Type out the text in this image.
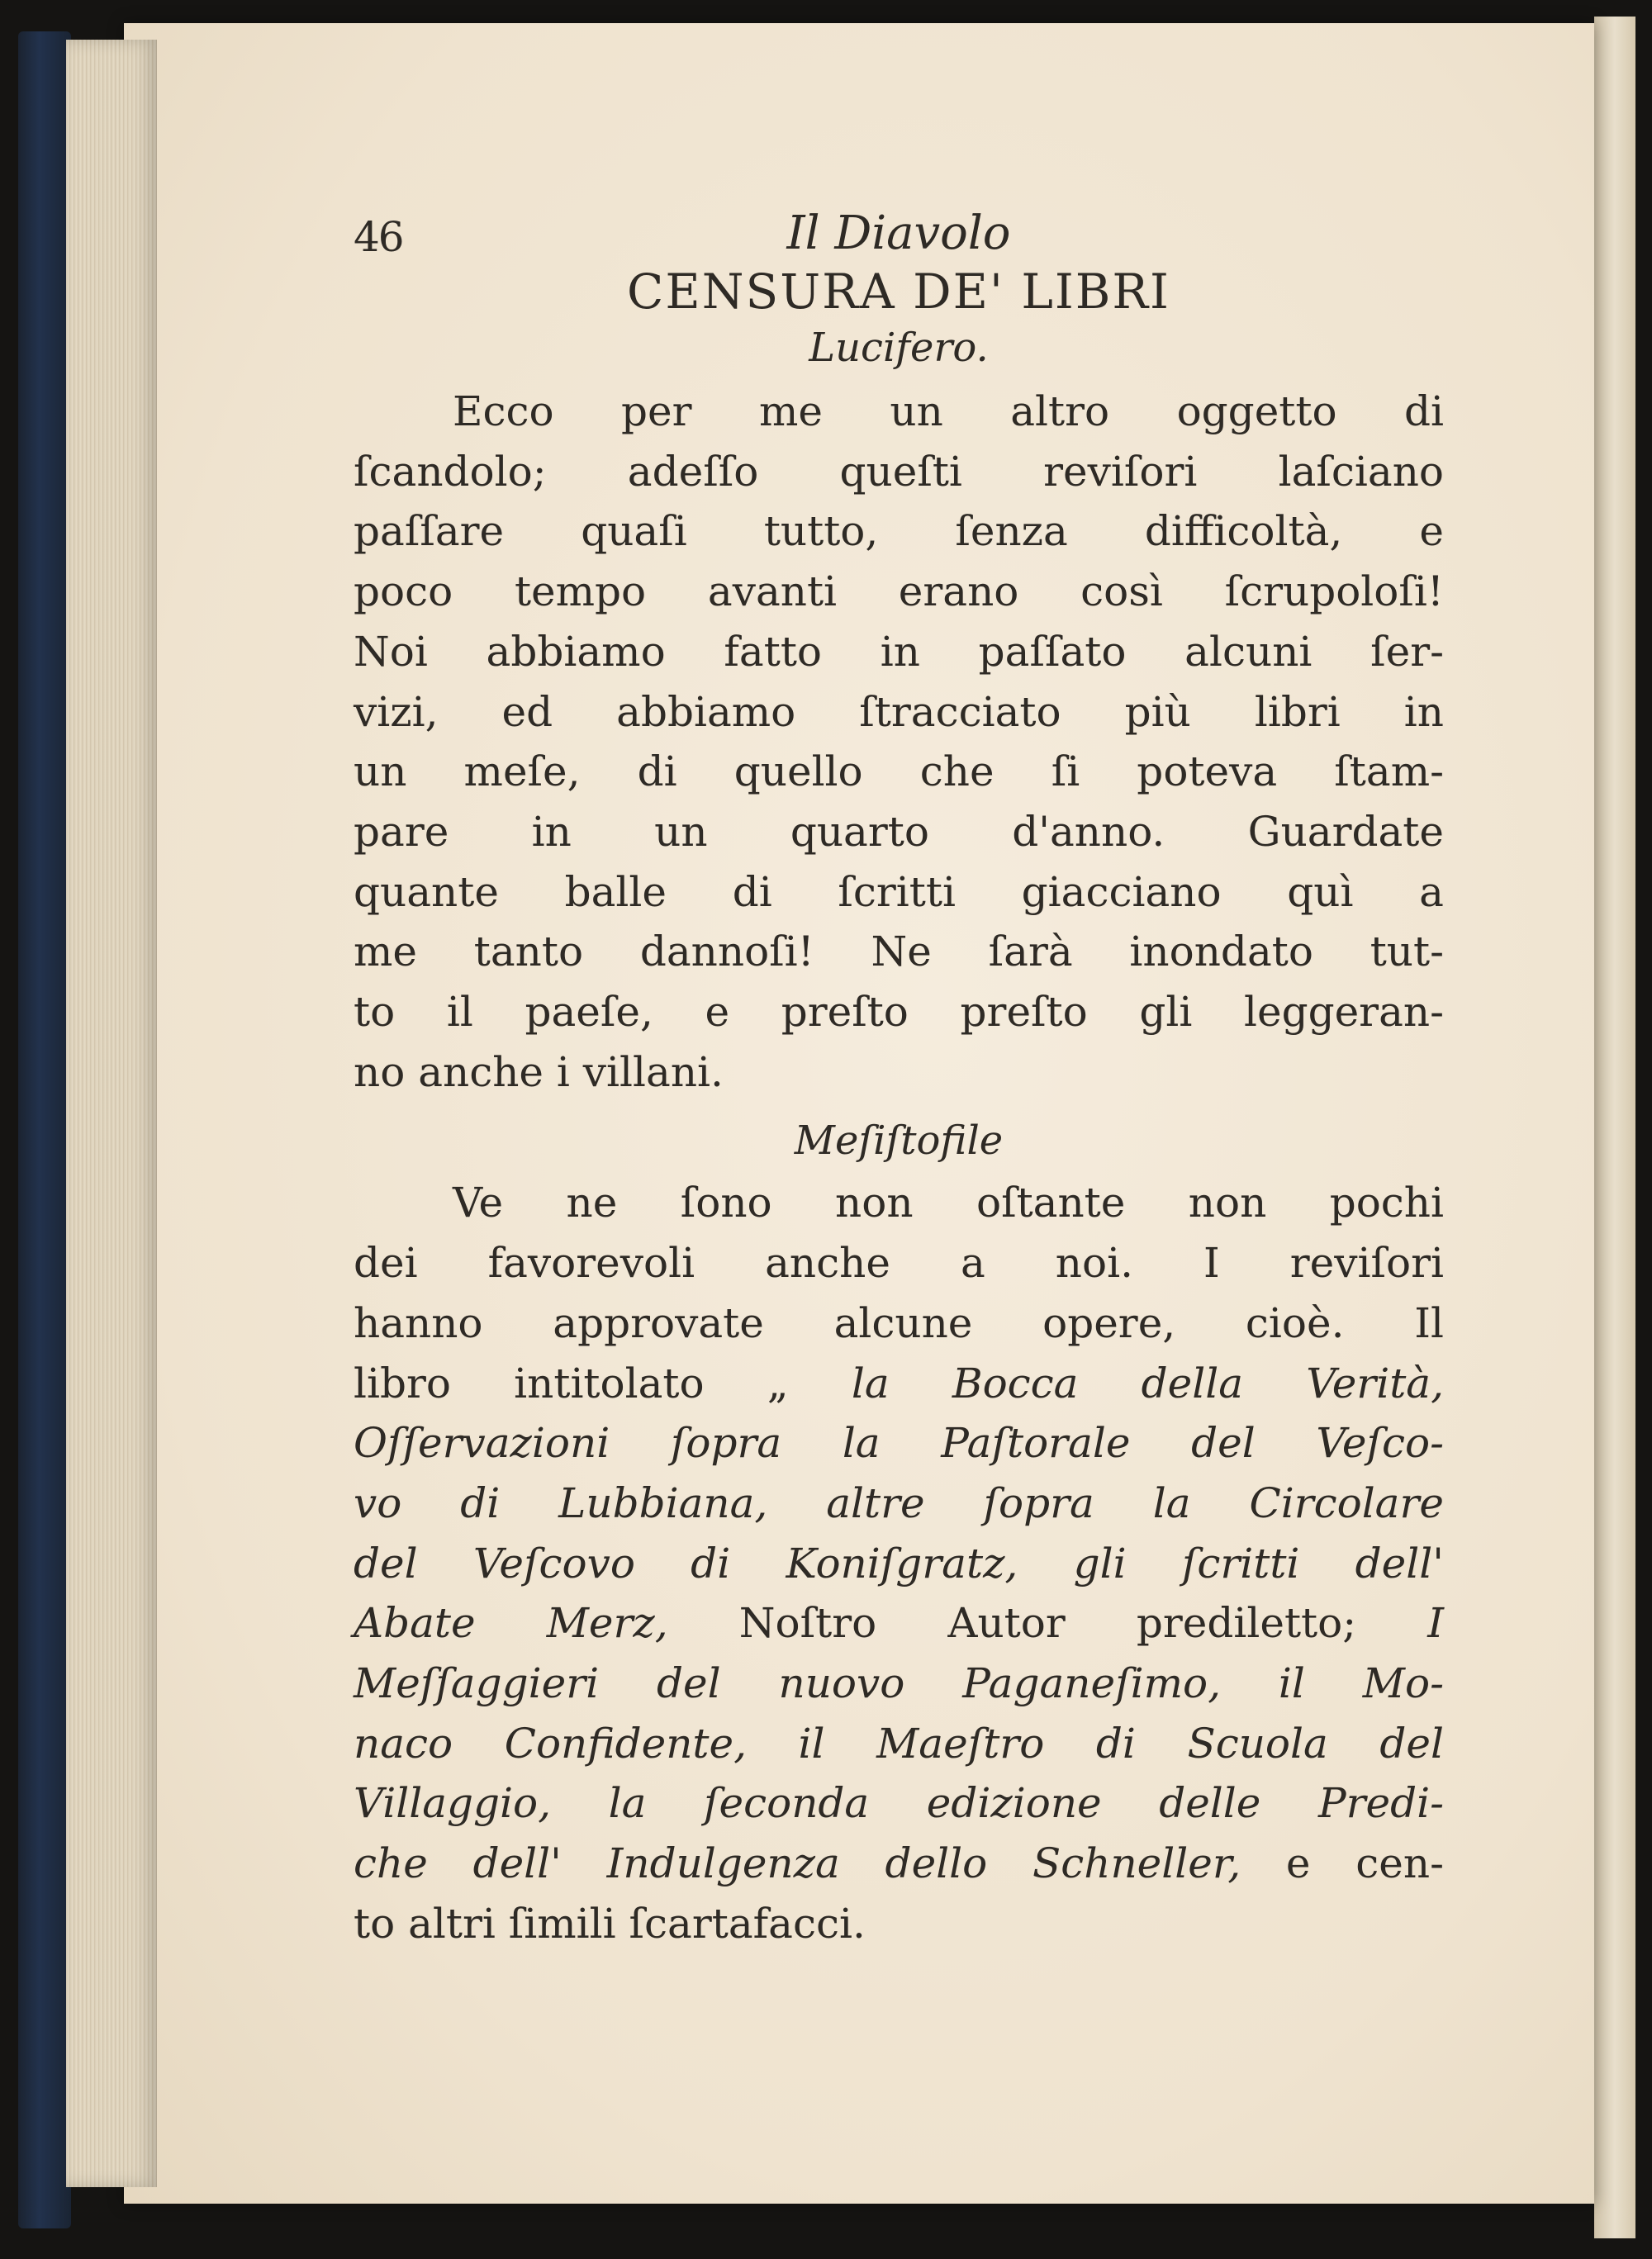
46	Il Diavolo
CENSURA DE' LIBRI
Lucifero.
Ecco per me un altro oggetto di
ſcandolo; adeſſo queſti reviſori laſciano
paſſare quaſi tutto, ſenza difficoltà, e
poco tempo avanti erano così ſcrupoloſi!
Noi abbiamo fatto in paſſato alcuni ſer-
vizi, ed abbiamo ſtracciato più libri in
un meſe, di quello che ſi poteva ſtam-
pare in un quarto d'anno. Guardate
quante balle di ſcritti giacciano quì a
me tanto dannoſi! Ne ſarà inondato tut-
to il paeſe, e preſto preſto gli leggeran-
no anche i villani.
Meſiſtofile
Ve ne ſono non oſtante non pochi
dei favorevoli anche a noi. I reviſori
hanno approvate alcune opere, cioè. Il
libro intitolato „ la Bocca della Verità,
Oſſervazioni ſopra la Paſtorale del Veſco-
vo di Lubbiana, altre ſopra la Circolare
del Veſcovo di Koniſgratz, gli ſcritti dell'
Abate Merz, Noſtro Autor prediletto; I
Meſſaggieri del nuovo Paganeſimo, il Mo-
naco Confidente, il Maeſtro di Scuola del
Villaggio, la ſeconda edizione delle Predi-
che dell' Indulgenza dello Schneller, e cen-
to altri ſimili ſcartafacci.
